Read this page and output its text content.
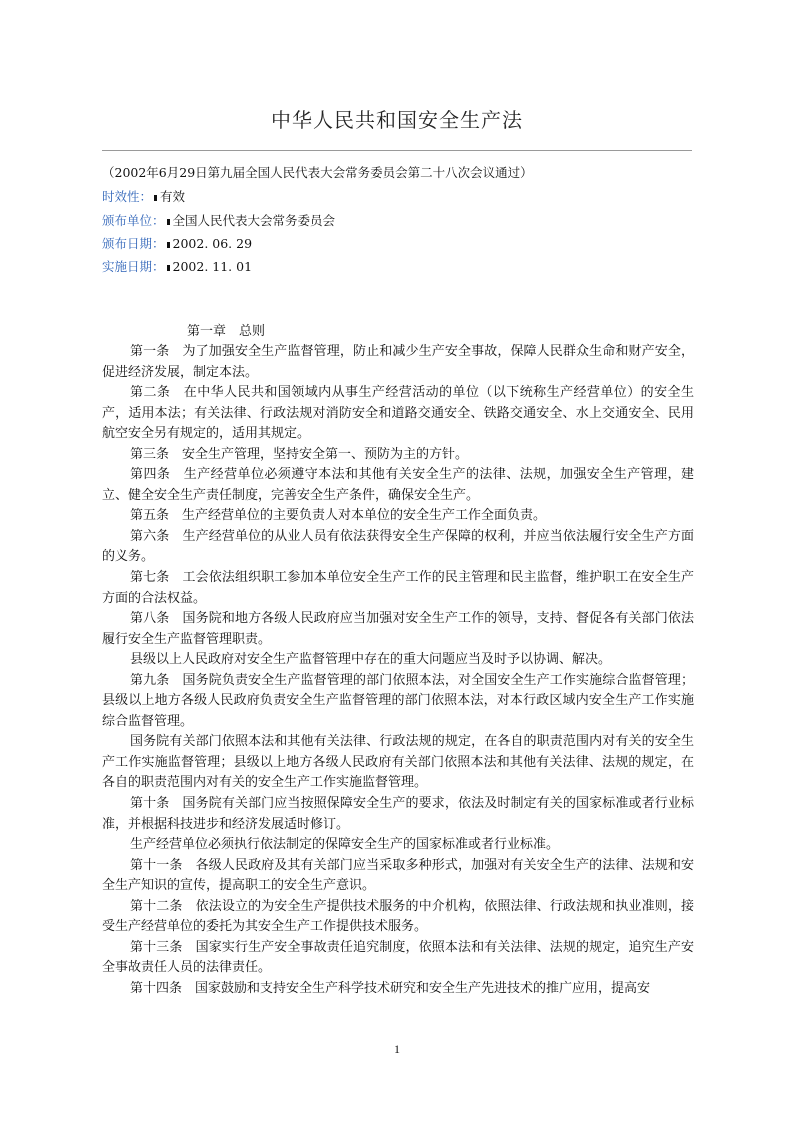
中华人民共和国安全生产法
（2002年6月29日第九届全国人民代表大会常务委员会第二十八次会议通过）
时效性： 有效
颁布单位： 全国人民代表大会常务委员会
颁布日期： 2002. 06. 29
实施日期： 2002. 11. 01
第一章　总则

第一条　为了加强安全生产监督管理，防止和减少生产安全事故，保障人民群众生命和财产安全，促进经济发展，制定本法。

第二条　在中华人民共和国领域内从事生产经营活动的单位（以下统称生产经营单位）的安全生产，适用本法；有关法律、行政法规对消防安全和道路交通安全、铁路交通安全、水上交通安全、民用航空安全另有规定的，适用其规定。

第三条　安全生产管理，坚持安全第一、预防为主的方针。

第四条　生产经营单位必须遵守本法和其他有关安全生产的法律、法规，加强安全生产管理，建立、健全安全生产责任制度，完善安全生产条件，确保安全生产。

第五条　生产经营单位的主要负责人对本单位的安全生产工作全面负责。

第六条　生产经营单位的从业人员有依法获得安全生产保障的权利，并应当依法履行安全生产方面的义务。

第七条　工会依法组织职工参加本单位安全生产工作的民主管理和民主监督，维护职工在安全生产方面的合法权益。

第八条　国务院和地方各级人民政府应当加强对安全生产工作的领导，支持、督促各有关部门依法履行安全生产监督管理职责。

县级以上人民政府对安全生产监督管理中存在的重大问题应当及时予以协调、解决。

第九条　国务院负责安全生产监督管理的部门依照本法，对全国安全生产工作实施综合监督管理；县级以上地方各级人民政府负责安全生产监督管理的部门依照本法，对本行政区域内安全生产工作实施综合监督管理。

国务院有关部门依照本法和其他有关法律、行政法规的规定，在各自的职责范围内对有关的安全生产工作实施监督管理；县级以上地方各级人民政府有关部门依照本法和其他有关法律、法规的规定，在各自的职责范围内对有关的安全生产工作实施监督管理。

第十条　国务院有关部门应当按照保障安全生产的要求，依法及时制定有关的国家标准或者行业标准，并根据科技进步和经济发展适时修订。

生产经营单位必须执行依法制定的保障安全生产的国家标准或者行业标准。

第十一条　各级人民政府及其有关部门应当采取多种形式，加强对有关安全生产的法律、法规和安全生产知识的宣传，提高职工的安全生产意识。

第十二条　依法设立的为安全生产提供技术服务的中介机构，依照法律、行政法规和执业准则，接受生产经营单位的委托为其安全生产工作提供技术服务。

第十三条　国家实行生产安全事故责任追究制度，依照本法和有关法律、法规的规定，追究生产安全事故责任人员的法律责任。

第十四条　国家鼓励和支持安全生产科学技术研究和安全生产先进技术的推广应用，提高安

1
